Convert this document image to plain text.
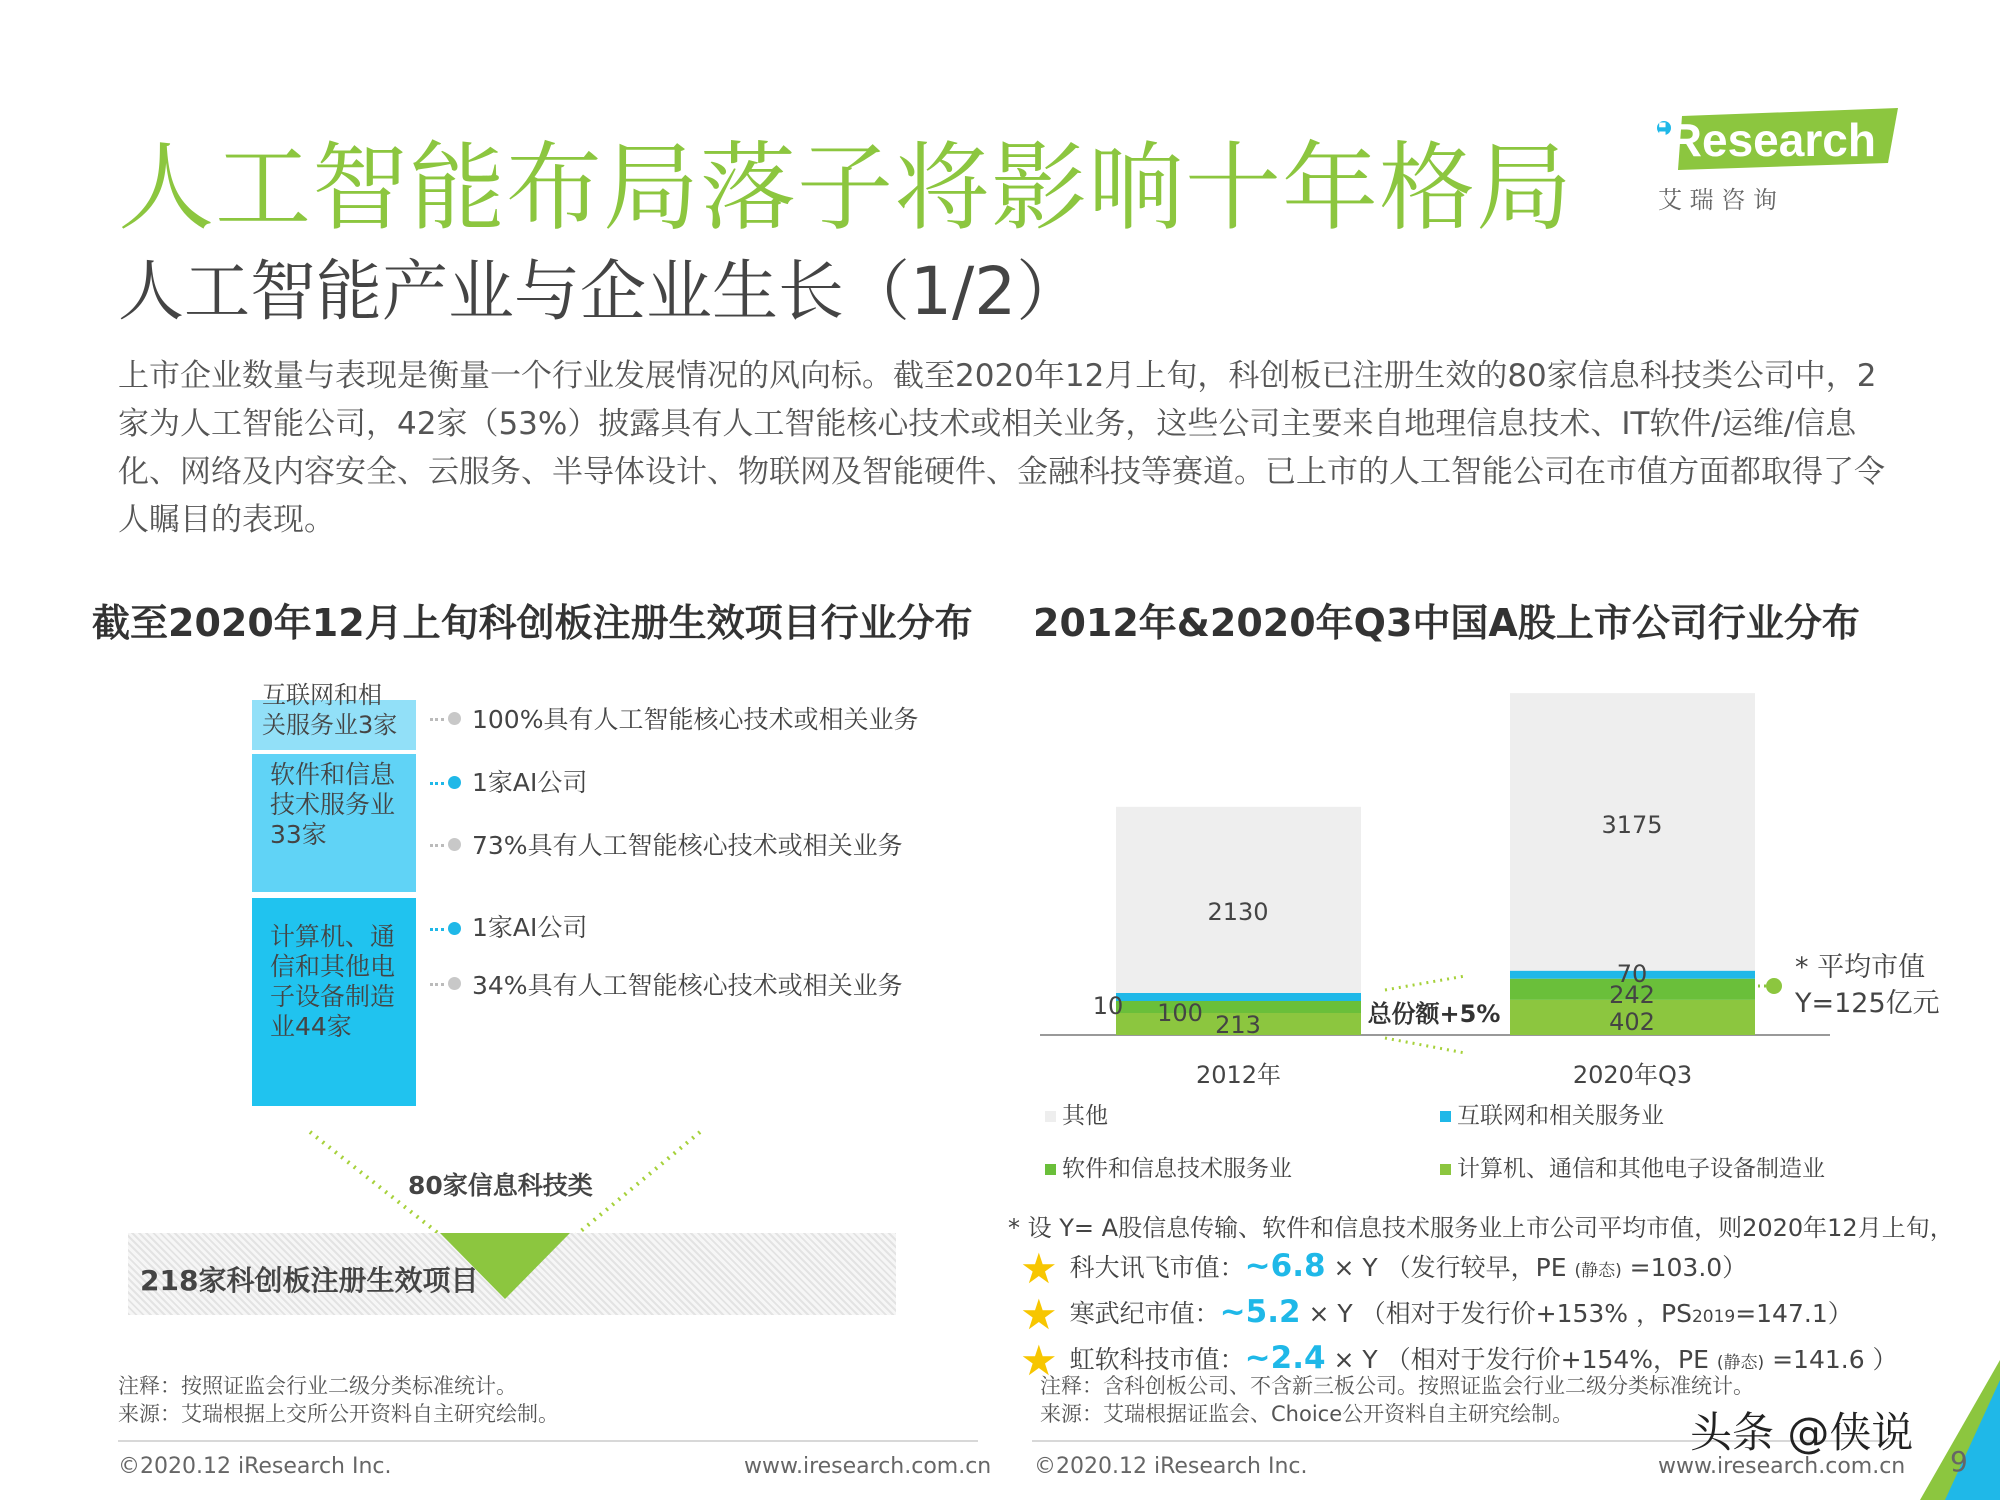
人工智能布局落子将影响十年格局
人工智能产业与企业生长（1/2）
iResearch
艾 瑞 咨 询
上市企业数量与表现是衡量一个行业发展情况的风向标。截至2020年12月上旬，科创板已注册生效的80家信息科技类公司中，2家为人工智能公司，42家（53%）披露具有人工智能核心技术或相关业务，这些公司主要来自地理信息技术、IT软件/运维/信息化、网络及内容安全、云服务、半导体设计、物联网及智能硬件、金融科技等赛道。已上市的人工智能公司在市值方面都取得了令人瞩目的表现。
截至2020年12月上旬科创板注册生效项目行业分布 2012年&2020年Q3中国A股上市公司行业分布
互联网和相
关服务业3家
软件和信息
技术服务业
33家
计算机、通
信和其他电
子设备制造
业44家
100%具有人工智能核心技术或相关业务
1家AI公司
73%具有人工智能核心技术或相关业务
1家AI公司
34%具有人工智能核心技术或相关业务
80家信息科技类
218家科创板注册生效项目
注释：按照证监会行业二级分类标准统计。
来源：艾瑞根据上交所公开资料自主研究绘制。
©2020.12 iResearch Inc.	www.iresearch.com.cn
2012年	2020年Q3
2130
10 100 213
3175
70
242
402
总份额+5%
其他	互联网和相关服务业
软件和信息技术服务业	计算机、通信和其他电子设备制造业
* 平均市值
Y=125亿元
* 设 Y= A股信息传输、软件和信息技术服务业上市公司平均市值，则2020年12月上旬，
★ 科大讯飞市值：~6.8 × Y （发行较早，PE (静态) =103.0）
★ 寒武纪市值：~5.2 × Y （相对于发行价+153% ，PS2019=147.1）
★ 虹软科技市值：~2.4 × Y （相对于发行价+154%，PE (静态) =141.6 ）
注释：含科创板公司、不含新三板公司。按照证监会行业二级分类标准统计。
来源：艾瑞根据证监会、Choice公开资料自主研究绘制。
©2020.12 iResearch Inc.	www.iresearch.com.cn
头条 @侠说
9
